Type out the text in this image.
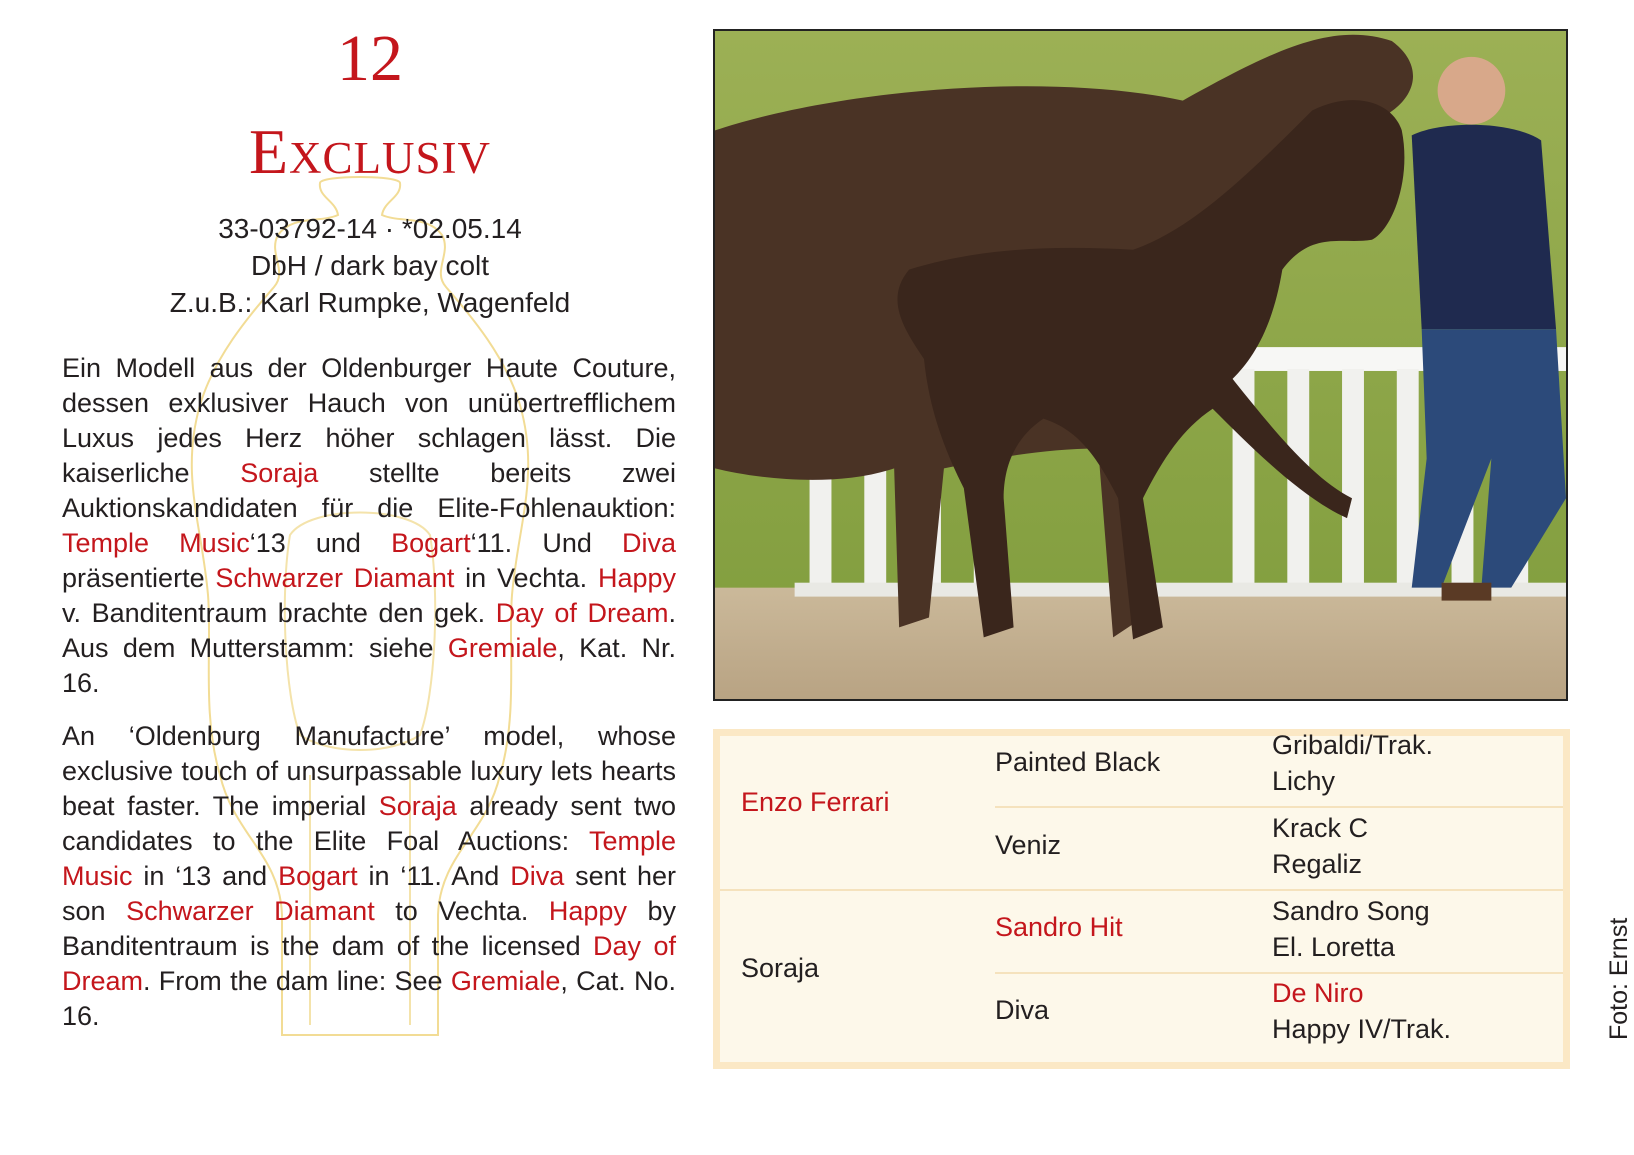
12
Exclusiv
33-03792-14 · *02.05.14
DbH / dark bay colt
Z.u.B.: Karl Rumpke, Wagenfeld
Ein Modell aus der Oldenburger Haute Couture, dessen exklusiver Hauch von unübertrefflichem Luxus jedes Herz höher schlagen lässt. Die kaiserliche Soraja stellte bereits zwei Auktionskandidaten für die Elite-Fohlenauktion: Temple Music‘13 und Bogart‘11. Und Diva präsentierte Schwarzer Diamant in Vechta. Happy v. Banditentraum brachte den gek. Day of Dream. Aus dem Mutterstamm: siehe Gremiale, Kat. Nr. 16.
An ‘Oldenburg Manufacture’ model, whose exclusive touch of unsurpassable luxury lets hearts beat faster. The imperial Soraja already sent two candidates to the Elite Foal Auctions: Temple Music in ‘13 and Bogart in ‘11. And Diva sent her son Schwarzer Diamant to Vechta. Happy by Banditentraum is the dam of the licensed Day of Dream. From the dam line: See Gremiale, Cat. No. 16.
Enzo Ferrari
Soraja
Painted Black
Veniz
Sandro Hit
Diva
Gribaldi/Trak.
Lichy
Krack C
Regaliz
Sandro Song
El. Loretta
De Niro
Happy IV/Trak.	Foto: Ernst
